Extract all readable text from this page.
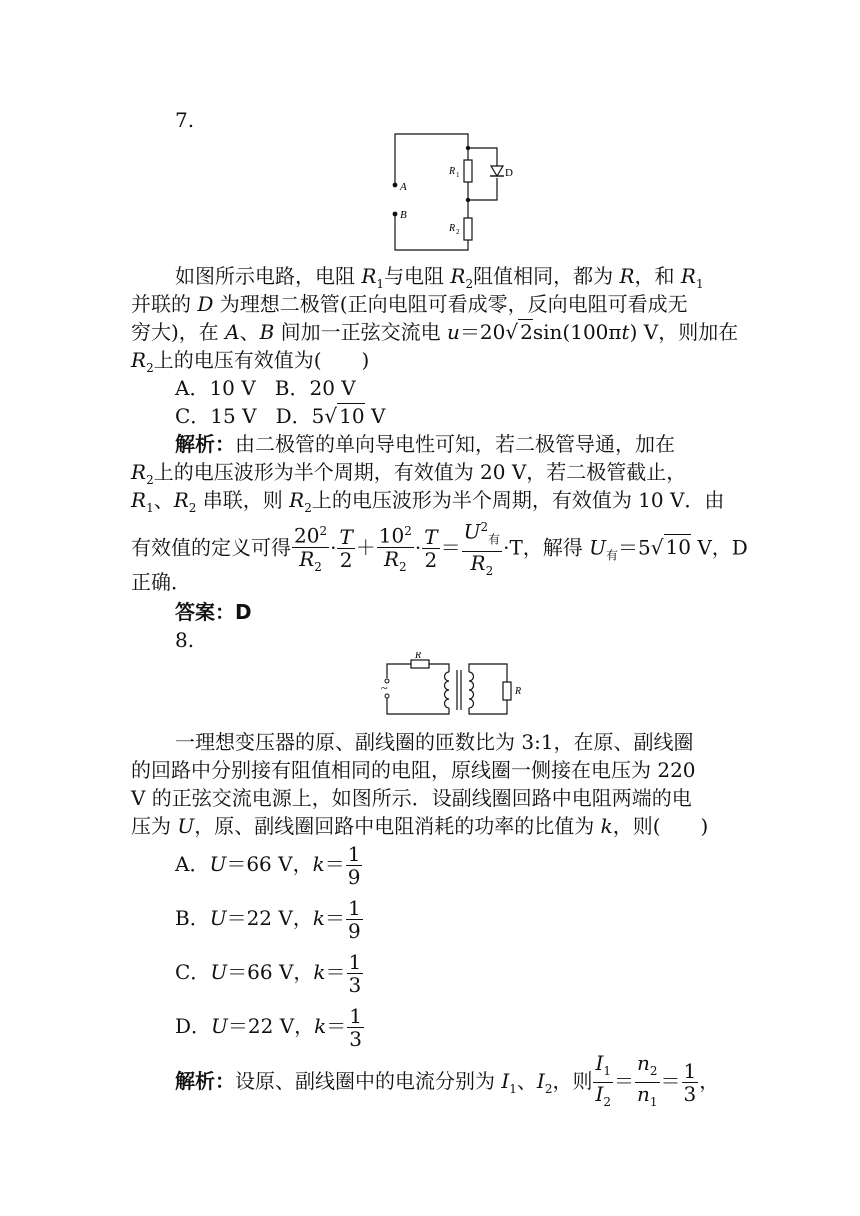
7.
A
B
R 1
R 2
D
如图所示电路，电阻 $R_1$与电阻 $R_2$阻值相同，都为 R，和 $R_1$
并联的 D 为理想二极管(正向电阻可看成零，反向电阻可看成无
穷大)，在 A、B 间加一正弦交流电 u＝20√ 2sin(100πt) V，则加在
$R_2$上的电压有效值为(　　)
A．10 V B．20 V
C．15 V D．5√ 10 V
解析：由二极管的单向导电性可知，若二极管导通，加在
$R_2$上的电压波形为半个周期，有效值为 20 V，若二极管截止，
$R_1$、$R_2$ 串联，则 $R_2$上的电压波形为半个周期，有效值为 10 V．由
有效值的定义可得 $\frac{20^2}{R_2} \cdot \frac{T}{2} + \frac{10^2}{R_2} \cdot \frac{T}{2} = \frac{U^2_有}{R_2} \cdot T$，解得 $U_有=5√$ 10 V，D
正确．
答案：D
8.
~
R
R
一理想变压器的原、副线圈的匝数比为 3:1，在原、副线圈
的回路中分别接有阻值相同的电阻，原线圈一侧接在电压为 220
V 的正弦交流电源上，如图所示．设副线圈回路中电阻两端的电
压为 U，原、副线圈回路中电阻消耗的功率的比值为 k，则(　　)
A．U＝66 V，$k= \frac{1}{9}$
B．U＝22 V，$k= \frac{1}{9}$
C．U＝66 V，$k= \frac{1}{3}$
D．U＝22 V，$k= \frac{1}{3}$
解析：设原、副线圈中的电流分别为 $I_1$、$I_2$，则 $\frac{I_1}{I_2} = \frac{n_2}{n_1} = \frac{1}{3}$ ，
